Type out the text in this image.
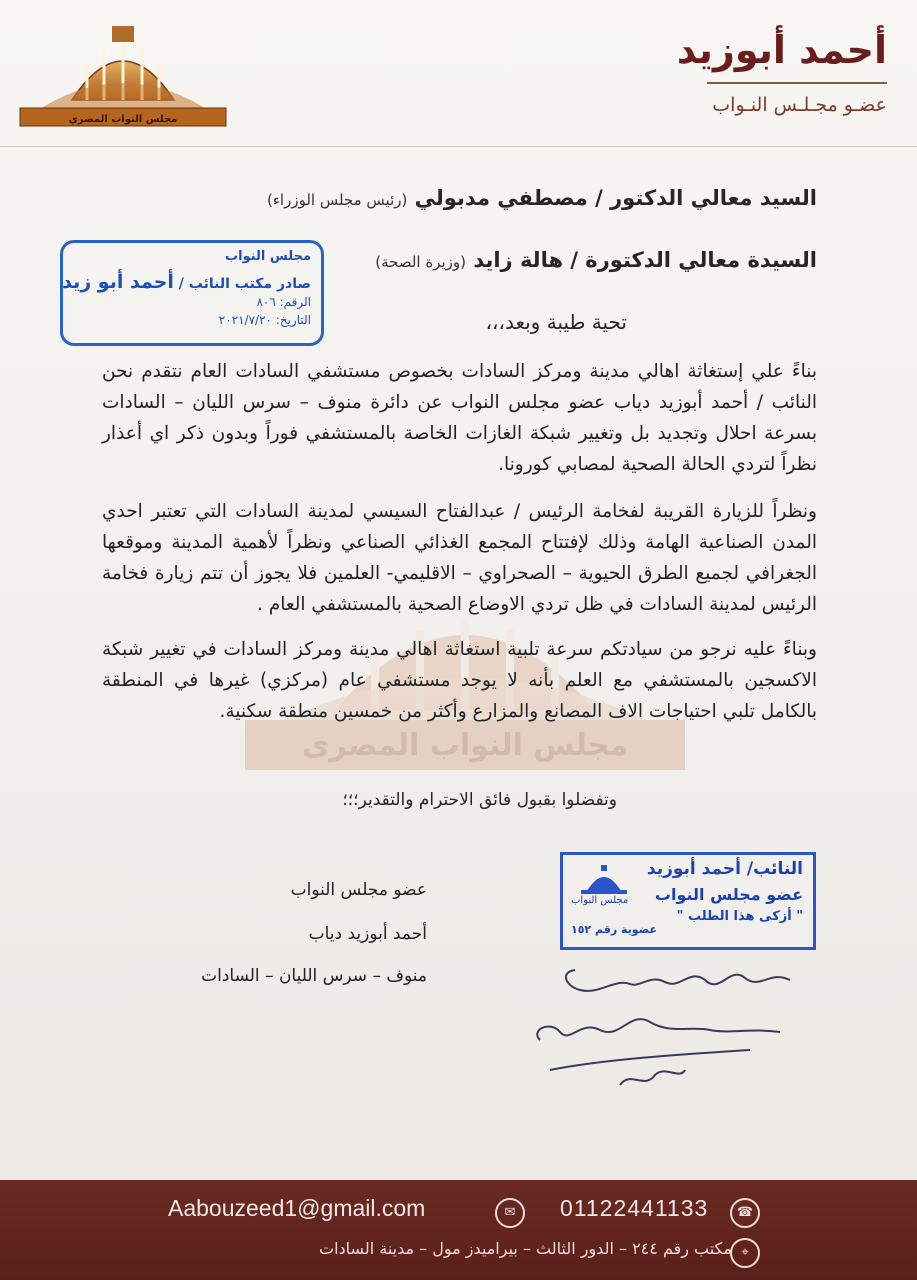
مجلس النواب المصري
أحمد أبوزيد
عضـو مجـلـس النـواب
مجلس النواب المصرى
مجلس النواب
صادر مكتب النائب / أحمد أبو زيد
الرقم: ٨٠٦
التاريخ: ٢٠٢١/٧/٢٠
السيد معالي الدكتور / مصطفي مدبولي (رئيس مجلس الوزراء)
السيدة معالي الدكتورة / هالة زايد (وزيرة الصحة)
تحية طيبة وبعد،،،
بناءً علي إستغاثة اهالي مدينة ومركز السادات بخصوص مستشفي السادات العام نتقدم نحن النائب / أحمد أبوزيد دياب عضو مجلس النواب عن دائرة منوف – سرس الليان – السادات بسرعة احلال وتجديد بل وتغيير شبكة الغازات الخاصة بالمستشفي فوراً وبدون ذكر اي أعذار نظراً لتردي الحالة الصحية لمصابي كورونا.
ونظراً للزيارة القريبة لفخامة الرئيس / عبدالفتاح السيسي لمدينة السادات التي تعتبر احدي المدن الصناعية الهامة وذلك لإفتتاح المجمع الغذائي الصناعي ونظراً لأهمية المدينة وموقعها الجغرافي لجميع الطرق الحيوية – الصحراوي – الاقليمي- العلمين فلا يجوز أن تتم زيارة فخامة الرئيس لمدينة السادات في ظل تردي الاوضاع الصحية بالمستشفي العام .
وبناءً عليه نرجو من سيادتكم سرعة تلبية استغاثة اهالي مدينة ومركز السادات في تغيير شبكة الاكسجين بالمستشفي مع العلم بأنه لا يوجد مستشفي عام (مركزي) غيرها في المنطقة بالكامل تلبي احتياجات الاف المصانع والمزارع وأكثر من خمسين منطقة سكنية.
وتفضلوا بقبول فائق الاحترام والتقدير؛؛؛
عضو مجلس النواب
أحمد أبوزيد دياب
منوف – سرس الليان – السادات
النائب/ أحمد أبوزيد
عضو مجلس النواب
" أزكى هذا الطلب "
مجلس النواب
عضوية رقم ١٥٢
Aabouzeed1@gmail.com	✉	01122441133	☎
مكتب رقم ٢٤٤ – الدور الثالث – بيراميدز مول – مدينة السادات ⌖
